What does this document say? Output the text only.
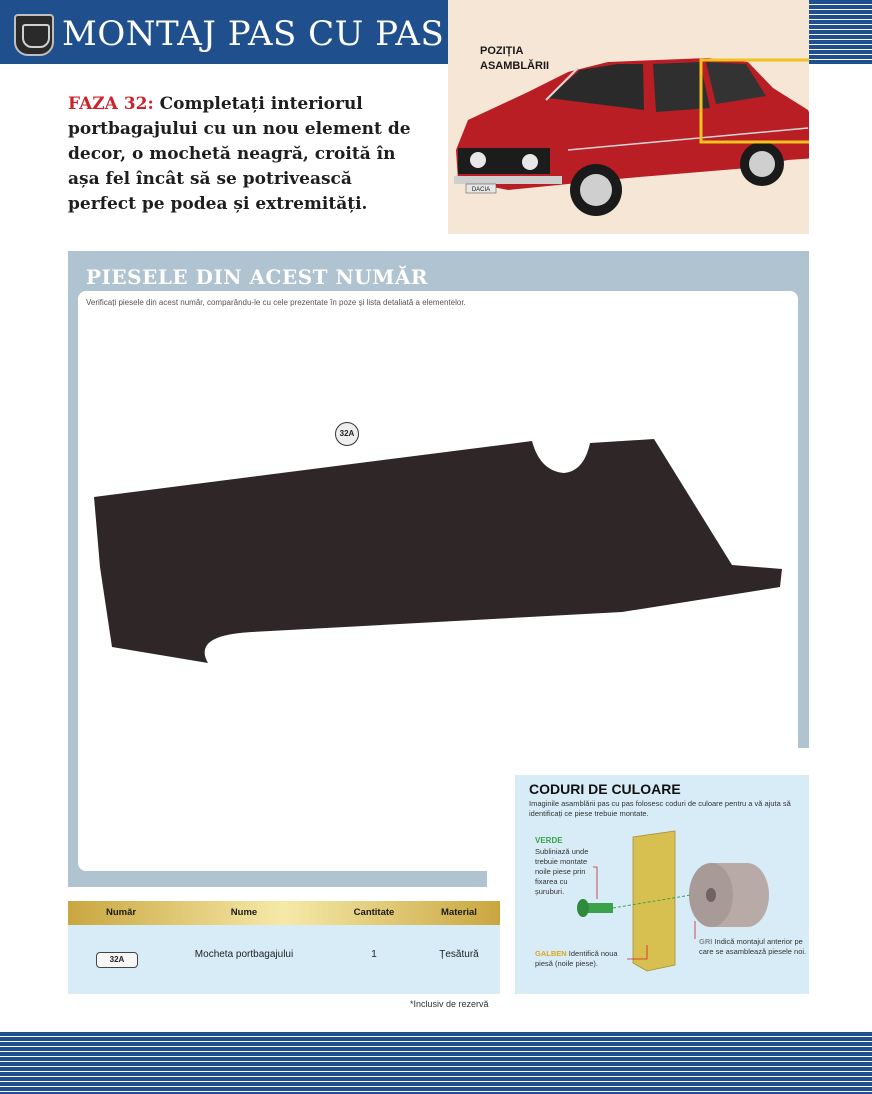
MONTAJ PAS CU PAS
DACIA
POZIȚIA
ASAMBLĂRII
FAZA 32: Completați interiorul portbagajului cu un nou element de decor, o mochetă neagră, croită în așa fel încât să se potrivească perfect pe podea și extremități.
PIESELE DIN ACEST NUMĂR
Verificați piesele din acest număr, comparându-le cu cele prezentate în poze și lista detaliată a elementelor.
32A
CODURI DE CULOARE
Imaginile asamblării pas cu pas folosesc coduri de culoare pentru a vă ajuta să identificați ce piese trebuie montate.
VERDE
Subliniază unde trebuie montate noile piese prin fixarea cu șuruburi.
GALBEN Identifică noua piesă (noile piese).
GRI Indică montajul anterior pe care se asamblează piesele noi.
Număr	Nume	Cantitate	Material
32A	Mocheta portbagajului	1	Țesătură
*Inclusiv de rezervă
